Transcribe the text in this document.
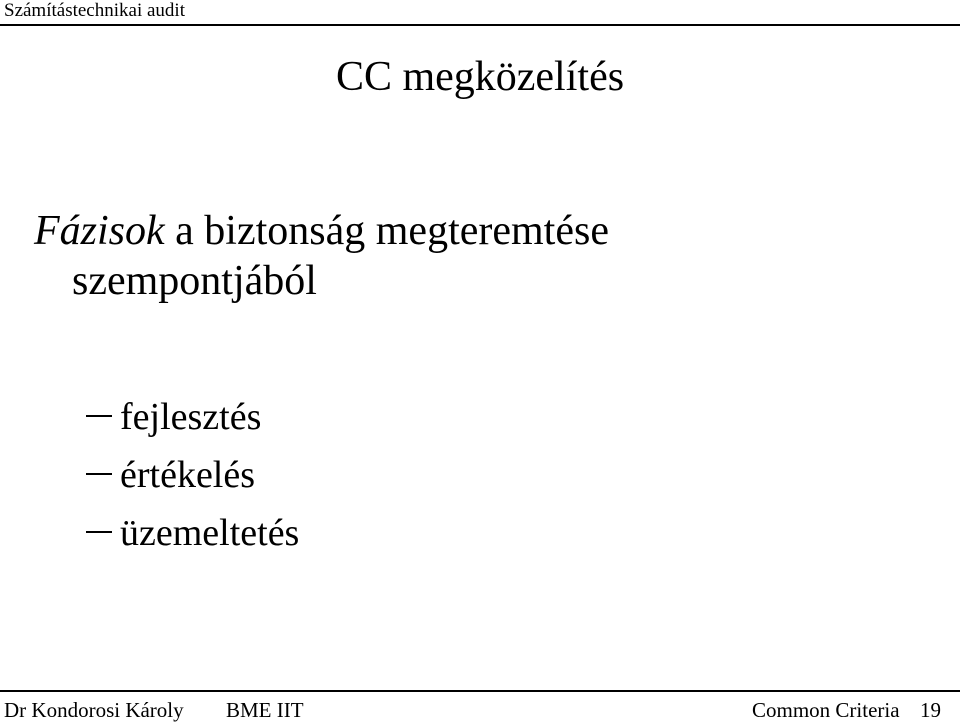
Számítástechnikai audit
CC megközelítés
Fázisok a biztonság megteremtése
szempontjából
fejlesztés
értékelés
üzemeltetés
Dr Kondorosi Károly BME IIT	Common Criteria 19
